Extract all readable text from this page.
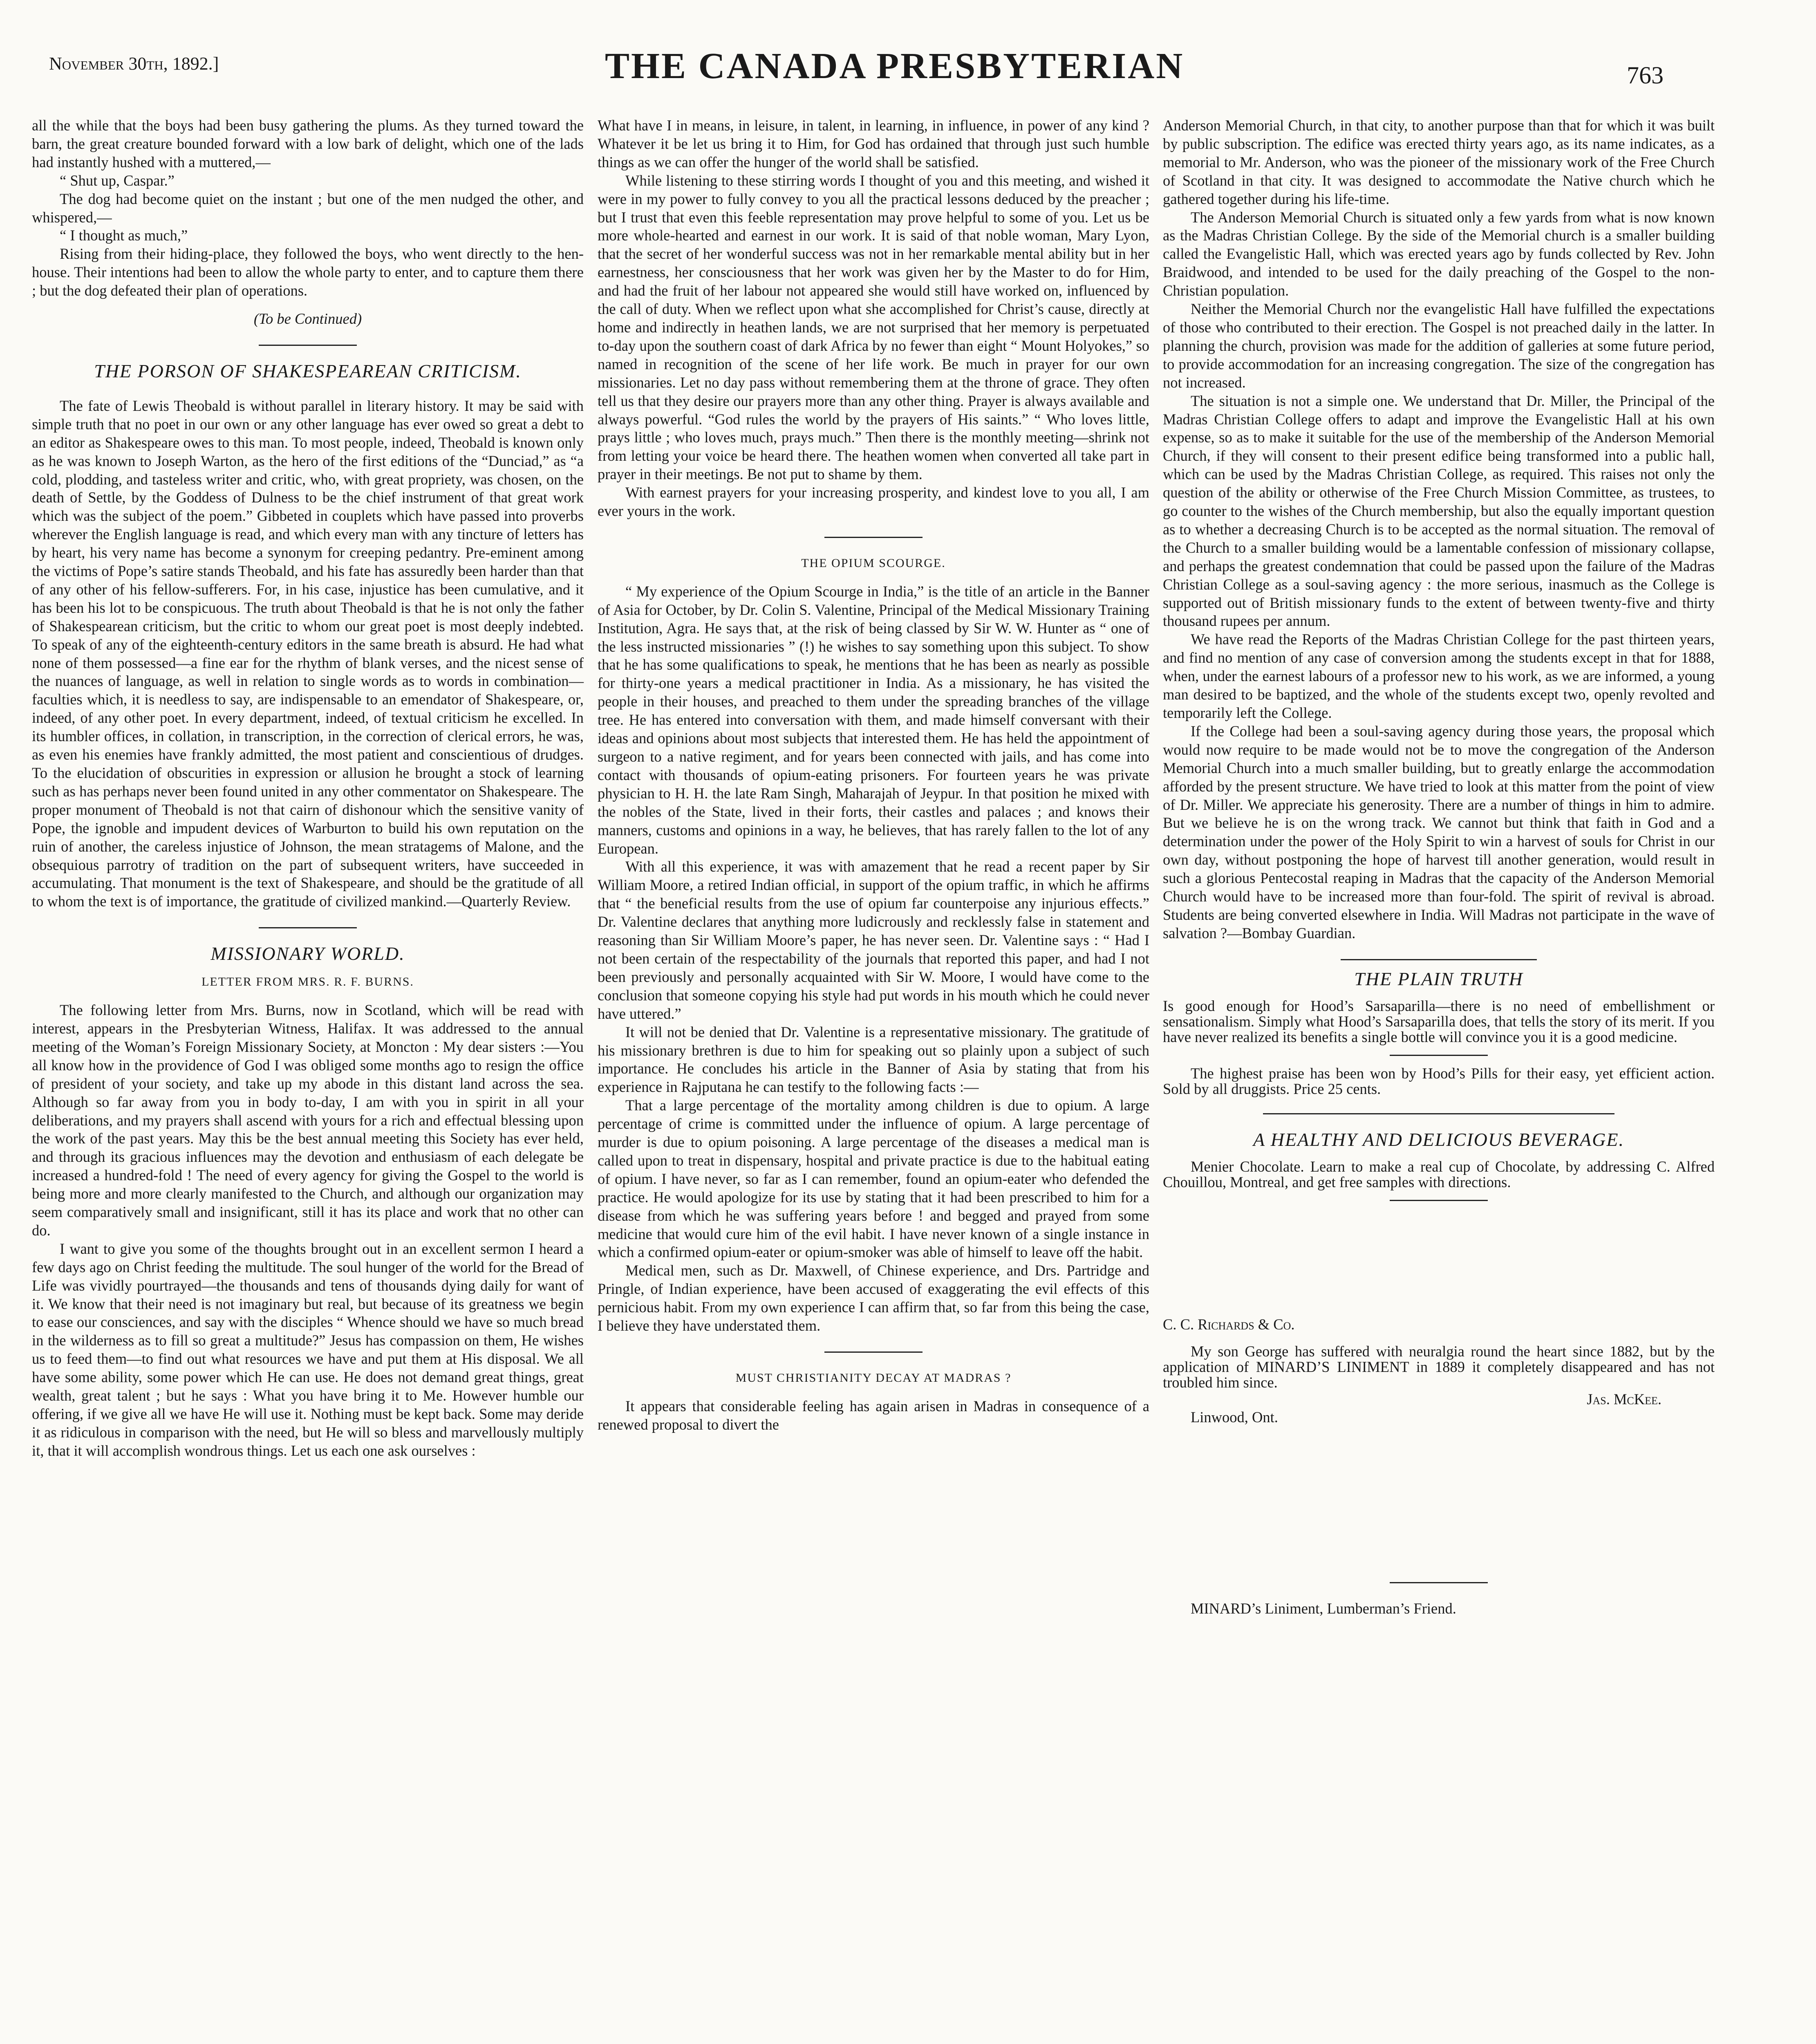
November 30th, 1892.]	THE CANADA PRESBYTERIAN	763

all the while that the boys had been busy gathering the plums. As they turned toward the barn, the great creature bounded forward with a low bark of delight, which one of the lads had instantly hushed with a muttered,—

“ Shut up, Caspar.”

The dog had become quiet on the instant ; but one of the men nudged the other, and whispered,—

“ I thought as much,”

Rising from their hiding-place, they followed the boys, who went directly to the hen-house. Their intentions had been to allow the whole party to enter, and to capture them there ; but the dog defeated their plan of operations.

(To be Continued)

THE PORSON OF SHAKESPEAREAN CRITICISM.

The fate of Lewis Theobald is without parallel in literary history. It may be said with simple truth that no poet in our own or any other language has ever owed so great a debt to an editor as Shakespeare owes to this man. To most people, indeed, Theobald is known only as he was known to Joseph Warton, as the hero of the first editions of the “Dunciad,” as “a cold, plodding, and tasteless writer and critic, who, with great propriety, was chosen, on the death of Settle, by the Goddess of Dulness to be the chief instrument of that great work which was the subject of the poem.” Gibbeted in couplets which have passed into proverbs wherever the English language is read, and which every man with any tincture of letters has by heart, his very name has become a synonym for creeping pedantry. Pre-eminent among the victims of Pope’s satire stands Theobald, and his fate has assuredly been harder than that of any other of his fellow-sufferers. For, in his case, injustice has been cumulative, and it has been his lot to be conspicuous. The truth about Theobald is that he is not only the father of Shakespearean criticism, but the critic to whom our great poet is most deeply indebted. To speak of any of the eighteenth-century editors in the same breath is absurd. He had what none of them possessed—a fine ear for the rhythm of blank verses, and the nicest sense of the nuances of language, as well in relation to single words as to words in combination—faculties which, it is needless to say, are indispensable to an emendator of Shakespeare, or, indeed, of any other poet. In every department, indeed, of textual criticism he excelled. In its humbler offices, in collation, in transcription, in the correction of clerical errors, he was, as even his enemies have frankly admitted, the most patient and conscientious of drudges. To the elucidation of obscurities in expression or allusion he brought a stock of learning such as has perhaps never been found united in any other commentator on Shakespeare. The proper monument of Theobald is not that cairn of dishonour which the sensitive vanity of Pope, the ignoble and impudent devices of Warburton to build his own reputation on the ruin of another, the careless injustice of Johnson, the mean stratagems of Malone, and the obsequious parrotry of tradition on the part of subsequent writers, have succeeded in accumulating. That monument is the text of Shakespeare, and should be the gratitude of all to whom the text is of importance, the gratitude of civilized mankind.—Quarterly Review.

MISSIONARY WORLD.

LETTER FROM MRS. R. F. BURNS.

The following letter from Mrs. Burns, now in Scotland, which will be read with interest, appears in the Presbyterian Witness, Halifax. It was addressed to the annual meeting of the Woman’s Foreign Missionary Society, at Moncton : My dear sisters :—You all know how in the providence of God I was obliged some months ago to resign the office of president of your society, and take up my abode in this distant land across the sea. Although so far away from you in body to-day, I am with you in spirit in all your deliberations, and my prayers shall ascend with yours for a rich and effectual blessing upon the work of the past years. May this be the best annual meeting this Society has ever held, and through its gracious influences may the devotion and enthusiasm of each delegate be increased a hundred-fold ! The need of every agency for giving the Gospel to the world is being more and more clearly manifested to the Church, and although our organization may seem comparatively small and insignificant, still it has its place and work that no other can do.

I want to give you some of the thoughts brought out in an excellent sermon I heard a few days ago on Christ feeding the multitude. The soul hunger of the world for the Bread of Life was vividly pourtrayed—the thousands and tens of thousands dying daily for want of it. We know that their need is not imaginary but real, but because of its greatness we begin to ease our consciences, and say with the disciples “ Whence should we have so much bread in the wilderness as to fill so great a multitude?” Jesus has compassion on them, He wishes us to feed them—to find out what resources we have and put them at His disposal. We all have some ability, some power which He can use. He does not demand great things, great wealth, great talent ; but he says : What you have bring it to Me. However humble our offering, if we give all we have He will use it. Nothing must be kept back. Some may deride it as ridiculous in comparison with the need, but He will so bless and marvellously multiply it, that it will accomplish wondrous things. Let us each one ask ourselves :

What have I in means, in leisure, in talent, in learning, in influence, in power of any kind ? Whatever it be let us bring it to Him, for God has ordained that through just such humble things as we can offer the hunger of the world shall be satisfied.

While listening to these stirring words I thought of you and this meeting, and wished it were in my power to fully convey to you all the practical lessons deduced by the preacher ; but I trust that even this feeble representation may prove helpful to some of you. Let us be more whole-hearted and earnest in our work. It is said of that noble woman, Mary Lyon, that the secret of her wonderful success was not in her remarkable mental ability but in her earnestness, her consciousness that her work was given her by the Master to do for Him, and had the fruit of her labour not appeared she would still have worked on, influenced by the call of duty. When we reflect upon what she accomplished for Christ’s cause, directly at home and indirectly in heathen lands, we are not surprised that her memory is perpetuated to-day upon the southern coast of dark Africa by no fewer than eight “ Mount Holyokes,” so named in recognition of the scene of her life work. Be much in prayer for our own missionaries. Let no day pass without remembering them at the throne of grace. They often tell us that they desire our prayers more than any other thing. Prayer is always available and always powerful. “God rules the world by the prayers of His saints.” “ Who loves little, prays little ; who loves much, prays much.” Then there is the monthly meeting—shrink not from letting your voice be heard there. The heathen women when converted all take part in prayer in their meetings. Be not put to shame by them.

With earnest prayers for your increasing prosperity, and kindest love to you all, I am ever yours in the work.

THE OPIUM SCOURGE.

“ My experience of the Opium Scourge in India,” is the title of an article in the Banner of Asia for October, by Dr. Colin S. Valentine, Principal of the Medical Missionary Training Institution, Agra. He says that, at the risk of being classed by Sir W. W. Hunter as “ one of the less instructed missionaries ” (!) he wishes to say something upon this subject. To show that he has some qualifications to speak, he mentions that he has been as nearly as possible for thirty-one years a medical practitioner in India. As a missionary, he has visited the people in their houses, and preached to them under the spreading branches of the village tree. He has entered into conversation with them, and made himself conversant with their ideas and opinions about most subjects that interested them. He has held the appointment of surgeon to a native regiment, and for years been connected with jails, and has come into contact with thousands of opium-eating prisoners. For fourteen years he was private physician to H. H. the late Ram Singh, Maharajah of Jeypur. In that position he mixed with the nobles of the State, lived in their forts, their castles and palaces ; and knows their manners, customs and opinions in a way, he believes, that has rarely fallen to the lot of any European.

With all this experience, it was with amazement that he read a recent paper by Sir William Moore, a retired Indian official, in support of the opium traffic, in which he affirms that “ the beneficial results from the use of opium far counterpoise any injurious effects.” Dr. Valentine declares that anything more ludicrously and recklessly false in statement and reasoning than Sir William Moore’s paper, he has never seen. Dr. Valentine says : “ Had I not been certain of the respectability of the journals that reported this paper, and had I not been previously and personally acquainted with Sir W. Moore, I would have come to the conclusion that someone copying his style had put words in his mouth which he could never have uttered.”

It will not be denied that Dr. Valentine is a representative missionary. The gratitude of his missionary brethren is due to him for speaking out so plainly upon a subject of such importance. He concludes his article in the Banner of Asia by stating that from his experience in Rajputana he can testify to the following facts :—

That a large percentage of the mortality among children is due to opium. A large percentage of crime is committed under the influence of opium. A large percentage of murder is due to opium poisoning. A large percentage of the diseases a medical man is called upon to treat in dispensary, hospital and private practice is due to the habitual eating of opium. I have never, so far as I can remember, found an opium-eater who defended the practice. He would apologize for its use by stating that it had been prescribed to him for a disease from which he was suffering years before ! and begged and prayed from some medicine that would cure him of the evil habit. I have never known of a single instance in which a confirmed opium-eater or opium-smoker was able of himself to leave off the habit.

Medical men, such as Dr. Maxwell, of Chinese experience, and Drs. Partridge and Pringle, of Indian experience, have been accused of exaggerating the evil effects of this pernicious habit. From my own experience I can affirm that, so far from this being the case, I believe they have understated them.

MUST CHRISTIANITY DECAY AT MADRAS ?

It appears that considerable feeling has again arisen in Madras in consequence of a renewed proposal to divert the

Anderson Memorial Church, in that city, to another purpose than that for which it was built by public subscription. The edifice was erected thirty years ago, as its name indicates, as a memorial to Mr. Anderson, who was the pioneer of the missionary work of the Free Church of Scotland in that city. It was designed to accommodate the Native church which he gathered together during his life-time.

The Anderson Memorial Church is situated only a few yards from what is now known as the Madras Christian College. By the side of the Memorial church is a smaller building called the Evangelistic Hall, which was erected years ago by funds collected by Rev. John Braidwood, and intended to be used for the daily preaching of the Gospel to the non-Christian population.

Neither the Memorial Church nor the evangelistic Hall have fulfilled the expectations of those who contributed to their erection. The Gospel is not preached daily in the latter. In planning the church, provision was made for the addition of galleries at some future period, to provide accommodation for an increasing congregation. The size of the congregation has not increased.

The situation is not a simple one. We understand that Dr. Miller, the Principal of the Madras Christian College offers to adapt and improve the Evangelistic Hall at his own expense, so as to make it suitable for the use of the membership of the Anderson Memorial Church, if they will consent to their present edifice being transformed into a public hall, which can be used by the Madras Christian College, as required. This raises not only the question of the ability or otherwise of the Free Church Mission Committee, as trustees, to go counter to the wishes of the Church membership, but also the equally important question as to whether a decreasing Church is to be accepted as the normal situation. The removal of the Church to a smaller building would be a lamentable confession of missionary collapse, and perhaps the greatest condemnation that could be passed upon the failure of the Madras Christian College as a soul-saving agency : the more serious, inasmuch as the College is supported out of British missionary funds to the extent of between twenty-five and thirty thousand rupees per annum.

We have read the Reports of the Madras Christian College for the past thirteen years, and find no mention of any case of conversion among the students except in that for 1888, when, under the earnest labours of a professor new to his work, as we are informed, a young man desired to be baptized, and the whole of the students except two, openly revolted and temporarily left the College.

If the College had been a soul-saving agency during those years, the proposal which would now require to be made would not be to move the congregation of the Anderson Memorial Church into a much smaller building, but to greatly enlarge the accommodation afforded by the present structure. We have tried to look at this matter from the point of view of Dr. Miller. We appreciate his generosity. There are a number of things in him to admire. But we believe he is on the wrong track. We cannot but think that faith in God and a determination under the power of the Holy Spirit to win a harvest of souls for Christ in our own day, without postponing the hope of harvest till another generation, would result in such a glorious Pentecostal reaping in Madras that the capacity of the Anderson Memorial Church would have to be increased more than four-fold. The spirit of revival is abroad. Students are being converted elsewhere in India. Will Madras not participate in the wave of salvation ?—Bombay Guardian.

THE PLAIN TRUTH

Is good enough for Hood’s Sarsaparilla—there is no need of embellishment or sensationalism. Simply what Hood’s Sarsaparilla does, that tells the story of its merit. If you have never realized its benefits a single bottle will convince you it is a good medicine.

The highest praise has been won by Hood’s Pills for their easy, yet efficient action. Sold by all druggists. Price 25 cents.

A HEALTHY AND DELICIOUS BEVERAGE.

Menier Chocolate. Learn to make a real cup of Chocolate, by addressing C. Alfred Chouillou, Montreal, and get free samples with directions.

C. C. Richards & Co.

My son George has suffered with neuralgia round the heart since 1882, but by the application of MINARD’S LINIMENT in 1889 it completely disappeared and has not troubled him since.

Jas. McKee.

Linwood, Ont.

MINARD’s Liniment, Lumberman’s Friend.
